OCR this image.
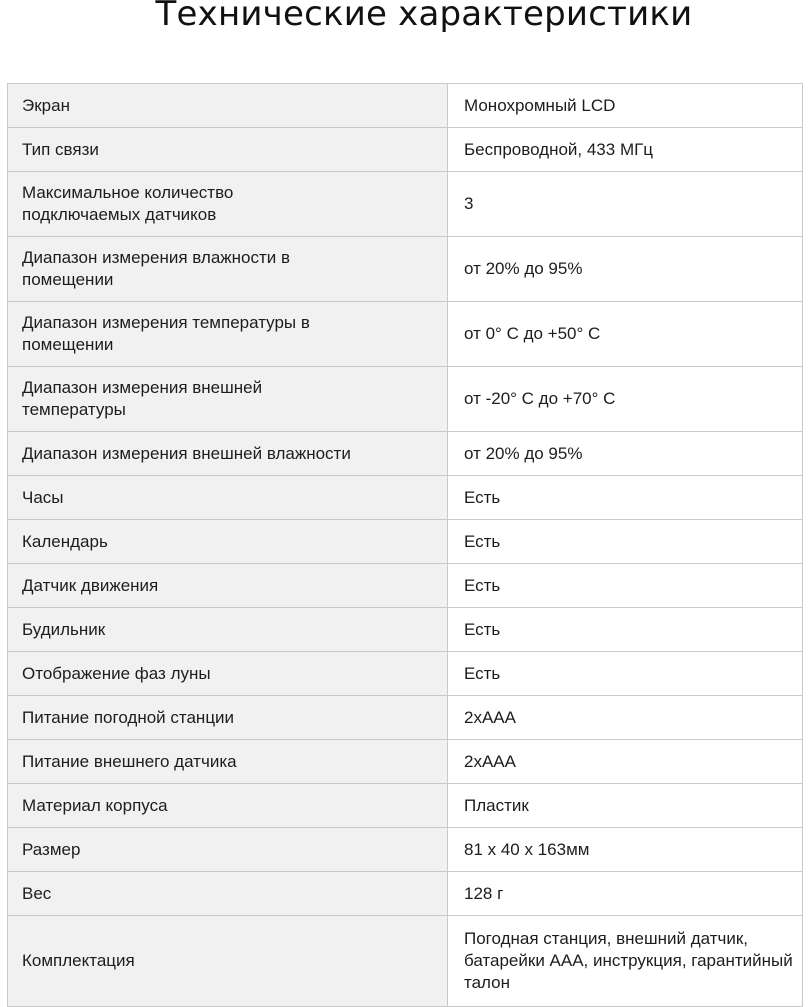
Технические характеристики
Экран	Монохромный LCD

Тип связи	Беспроводной, 433 МГц

Максимальное количество подключаемых датчиков	3

Диапазон измерения влажности в помещении	от 20% до 95%

Диапазон измерения температуры в помещении	от 0° С до +50° С

Диапазон измерения внешней температуры	от -20° С до +70° С

Диапазон измерения внешней влажности	от 20% до 95%

Часы	Есть

Календарь	Есть

Датчик движения	Есть

Будильник	Есть

Отображение фаз луны	Есть

Питание погодной станции	2хААА

Питание внешнего датчика	2хААА

Материал корпуса	Пластик

Размер	81 х 40 х 163мм

Вес	128 г

Комплектация	Погодная станция, внешний датчик, батарейки ААА, инструкция, гарантийный талон
